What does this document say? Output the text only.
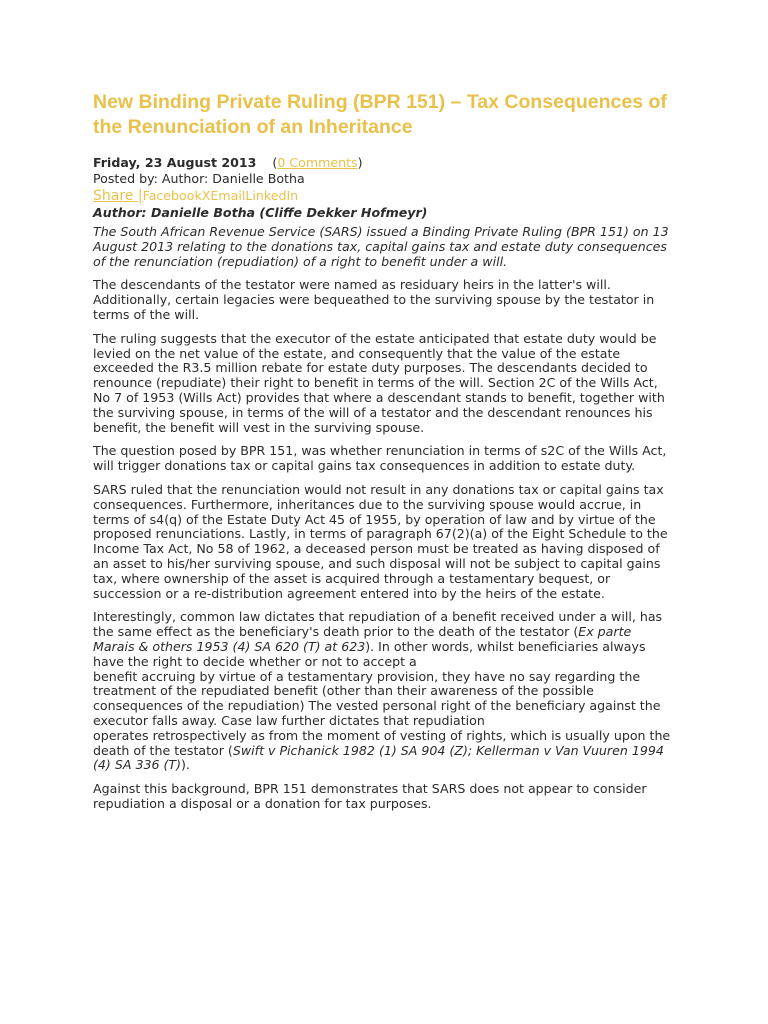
New Binding Private Ruling (BPR 151) – Tax Consequences of the Renunciation of an Inheritance
Friday, 23 August 2013 (0 Comments)
Posted by: Author: Danielle Botha
Share |FacebookXEmailLinkedIn
Author: Danielle Botha (Cliffe Dekker Hofmeyr)

The South African Revenue Service (SARS) issued a Binding Private Ruling (BPR 151) on 13 August 2013 relating to the donations tax, capital gains tax and estate duty consequences of the renunciation (repudiation) of a right to benefit under a will.

The descendants of the testator were named as residuary heirs in the latter's will. Additionally, certain legacies were bequeathed to the surviving spouse by the testator in terms of the will.

The ruling suggests that the executor of the estate anticipated that estate duty would be levied on the net value of the estate, and consequently that the value of the estate exceeded the R3.5 million rebate for estate duty purposes. The descendants decided to renounce (repudiate) their right to benefit in terms of the will. Section 2C of the Wills Act, No 7 of 1953 (Wills Act) provides that where a descendant stands to benefit, together with the surviving spouse, in terms of the will of a testator and the descendant renounces his benefit, the benefit will vest in the surviving spouse.

The question posed by BPR 151, was whether renunciation in terms of s2C of the Wills Act, will trigger donations tax or capital gains tax consequences in addition to estate duty.

SARS ruled that the renunciation would not result in any donations tax or capital gains tax consequences. Furthermore, inheritances due to the surviving spouse would accrue, in terms of s4(q) of the Estate Duty Act 45 of 1955, by operation of law and by virtue of the proposed renunciations. Lastly, in terms of paragraph 67(2)(a) of the Eight Schedule to the Income Tax Act, No 58 of 1962, a deceased person must be treated as having disposed of an asset to his/her surviving spouse, and such disposal will not be subject to capital gains tax, where ownership of the asset is acquired through a testamentary bequest, or succession or a re-distribution agreement entered into by the heirs of the estate.

Interestingly, common law dictates that repudiation of a benefit received under a will, has the same effect as the beneficiary's death prior to the death of the testator (Ex parte Marais & others 1953 (4) SA 620 (T) at 623). In other words, whilst beneficiaries always have the right to decide whether or not to accept a
benefit accruing by virtue of a testamentary provision, they have no say regarding the treatment of the repudiated benefit (other than their awareness of the possible consequences of the repudiation) The vested personal right of the beneficiary against the executor falls away. Case law further dictates that repudiation
operates retrospectively as from the moment of vesting of rights, which is usually upon the death of the testator (Swift v Pichanick 1982 (1) SA 904 (Z); Kellerman v Van Vuuren 1994 (4) SA 336 (T)).

Against this background, BPR 151 demonstrates that SARS does not appear to consider repudiation a disposal or a donation for tax purposes.
